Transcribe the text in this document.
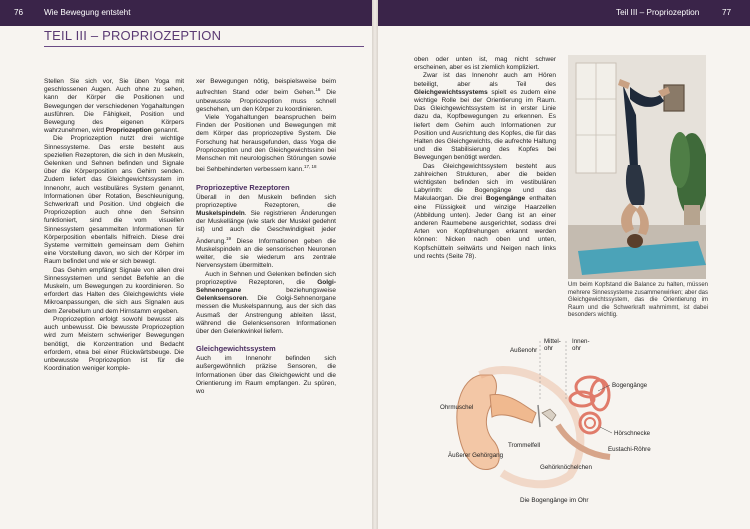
76	Wie Bewegung entsteht	Teil III – Propriozeption	77
TEIL III – PROPRIOZEPTION

Stellen Sie sich vor, Sie üben Yoga mit geschlossenen Augen. Auch ohne zu sehen, kann der Körper die Positionen und Bewegungen der verschiedenen Yogahaltungen ausführen. Die Fähigkeit, Position und Bewegung des eigenen Körpers wahrzunehmen, wird Propriozeption genannt.

Die Propriozeption nutzt drei wichtige Sinnessysteme. Das erste besteht aus speziellen Rezeptoren, die sich in den Muskeln, Gelenken und Sehnen befinden und Signale über die Körperposition ans Gehirn senden. Zudem liefert das Gleichgewichtssystem im Innenohr, auch vestibuläres System genannt, Informationen über Rotation, Beschleunigung, Schwerkraft und Position. Und obgleich die Propriozeption auch ohne den Sehsinn funktioniert, sind die vom visuellen Sinnessystem gesammelten Informationen für Körperposition ebenfalls hilfreich. Diese drei Systeme vermitteln gemeinsam dem Gehirn eine Vorstellung davon, wo sich der Körper im Raum befindet und wie er sich bewegt.

Das Gehirn empfängt Signale von allen drei Sinnessystemen und sendet Befehle an die Muskeln, um Bewegungen zu koordinieren. So erfordert das Halten des Gleichgewichts viele Mikroanpassungen, die sich aus Signalen aus dem Zerebellum und dem Hirnstamm ergeben.

Propriozeption erfolgt sowohl bewusst als auch unbewusst. Die bewusste Propriozeption wird zum Meistern schwieriger Bewegungen benötigt, die Konzentration und Bedacht erfordern, etwa bei einer Rückwärtsbeuge. Die unbewusste Propriozeption ist für die Koordination weniger komple-

xer Bewegungen nötig, beispielsweise beim aufrechten Stand oder beim Gehen.$^{16}$ Die unbewusste Propriozeption muss schnell geschehen, um den Körper zu koordinieren.

Viele Yogahaltungen beanspruchen beim Finden der Positionen und Bewegungen mit dem Körper das propriozeptive System. Die Forschung hat herausgefunden, dass Yoga die Propriozeption und den Gleichgewichtssinn bei Menschen mit neurologischen Störungen sowie bei Sehbehinderten verbessern kann.$^{17, 18}$

Propriozeptive Rezeptoren

Überall in den Muskeln befinden sich propriozeptive Rezeptoren, die Muskelspindeln. Sie registrieren Änderungen der Muskellänge (wie stark der Muskel gedehnt ist) und auch die Geschwindigkeit jeder Änderung.$^{19}$ Diese Informationen geben die Muskelspindeln an die sensorischen Neuronen weiter, die sie wiederum ans zentrale Nervensystem übermitteln.

Auch in Sehnen und Gelenken befinden sich propriozeptive Rezeptoren, die Golgi-Sehnenorgane beziehungsweise Gelenksensoren. Die Golgi-Sehnenorgane messen die Muskelspannung, aus der sich das Ausmaß der Anstrengung ableiten lässt, während die Gelenksensoren Informationen über den Gelenkwinkel liefern.

Gleichgewichtssystem

Auch im Innenohr befinden sich außergewöhnlich präzise Sensoren, die Informationen über das Gleichgewicht und die Orientierung im Raum empfangen. Zu spüren, wo

oben oder unten ist, mag nicht schwer erscheinen, aber es ist ziemlich kompliziert.

Zwar ist das Innenohr auch am Hören beteiligt, aber als Teil des Gleichgewichtssystems spielt es zudem eine wichtige Rolle bei der Orientierung im Raum. Das Gleichgewichtssystem ist in erster Linie dazu da, Kopfbewegungen zu erkennen. Es liefert dem Gehirn auch Informationen zur Position und Ausrichtung des Kopfes, die für das Halten des Gleichgewichts, die aufrechte Haltung und die Stabilisierung des Kopfes bei Bewegungen benötigt werden.

Das Gleichgewichtssystem besteht aus zahlreichen Strukturen, aber die beiden wichtigsten befinden sich im vestibulären Labyrinth: die Bogengänge und das Makulaorgan. Die drei Bogengänge enthalten eine Flüssigkeit und winzige Haarzellen (Abbildung unten). Jeder Gang ist an einer anderen Raumebene ausgerichtet, sodass drei Arten von Kopfdrehungen erkannt werden können: Nicken nach oben und unten, Kopfschütteln seitwärts und Neigen nach links und rechts (Seite 78).

Um beim Kopfstand die Balance zu halten, müssen mehrere Sinnessysteme zusammenwirken; aber das Gleichgewichtssystem, das die Orientierung im Raum und die Schwerkraft wahrnimmt, ist dabei besonders wichtig.
Außenohr
Mittel-ohr
Innen-ohr
Bogengänge
Ohrmuschel
Hörschnecke
Trommelfell
Eustachi-Röhre
Äußerer Gehörgang
Gehörknöchelchen
Die Bogengänge im Ohr
